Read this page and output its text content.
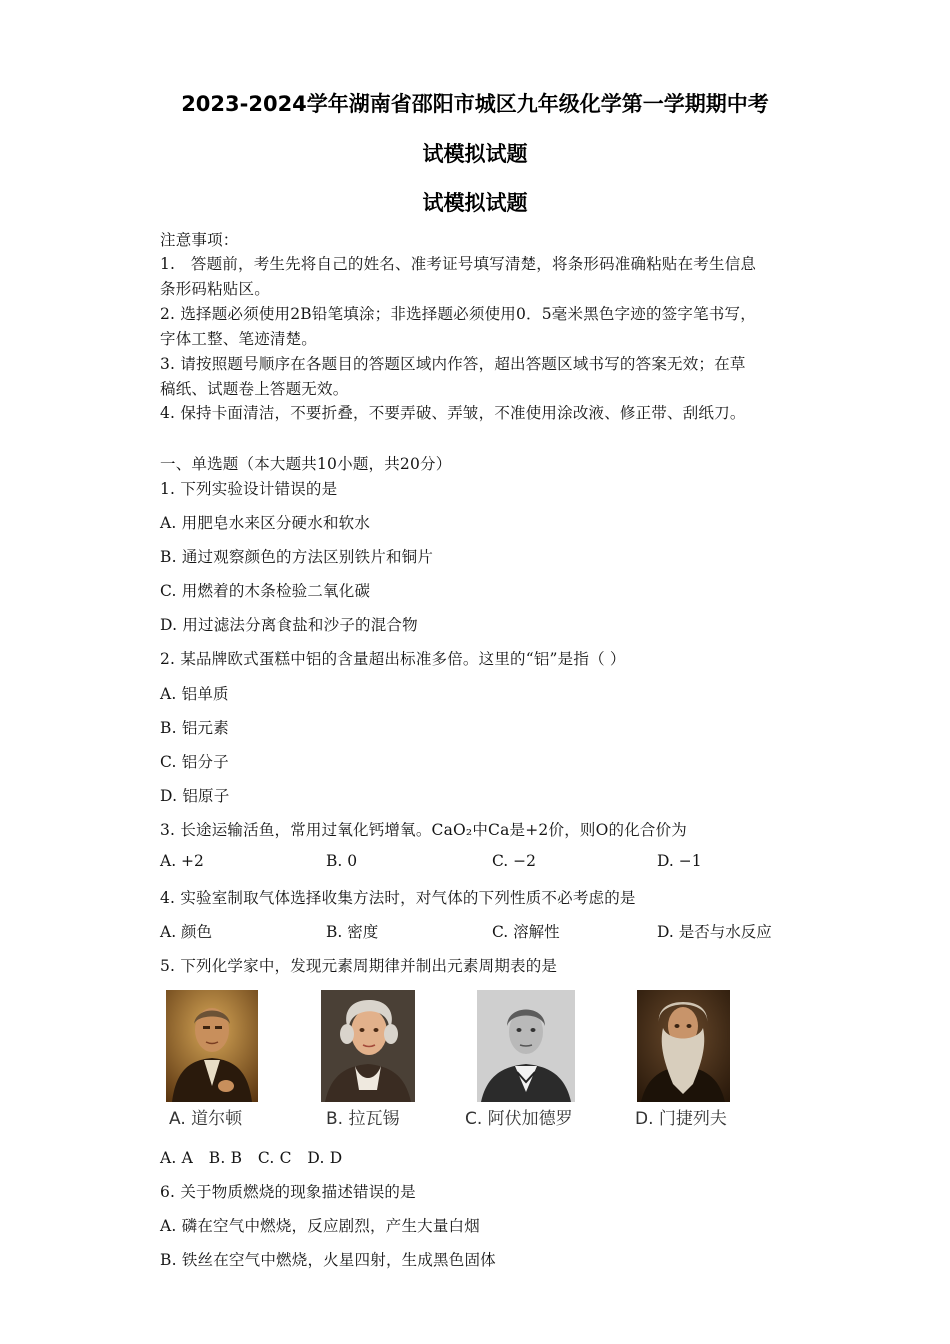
2023-2024学年湖南省邵阳市城区九年级化学第一学期期中考
试模拟试题
试模拟试题
注意事项：
1.　答题前，考生先将自己的姓名、准考证号填写清楚，将条形码准确粘贴在考生信息
条形码粘贴区。
2. 选择题必须使用2B铅笔填涂；非选择题必须使用0．5毫米黑色字迹的签字笔书写，
字体工整、笔迹清楚。
3. 请按照题号顺序在各题目的答题区域内作答，超出答题区域书写的答案无效；在草
稿纸、试题卷上答题无效。
4. 保持卡面清洁，不要折叠，不要弄破、弄皱，不准使用涂改液、修正带、刮纸刀。
一、单选题（本大题共10小题，共20分）
1. 下列实验设计错误的是
A. 用肥皂水来区分硬水和软水
B. 通过观察颜色的方法区别铁片和铜片
C. 用燃着的木条检验二氧化碳
D. 用过滤法分离食盐和沙子的混合物
2. 某品牌欧式蛋糕中铝的含量超出标准多倍。这里的“铝”是指（ ）
A. 铝单质
B. 铝元素
C. 铝分子
D. 铝原子
3. 长途运输活鱼，常用过氧化钙增氧。CaO₂中Ca是+2价，则O的化合价为
A. +2	B. 0	C. −2	D. −1
4. 实验室制取气体选择收集方法时，对气体的下列性质不必考虑的是
A. 颜色	B. 密度	C. 溶解性	D. 是否与水反应
5. 下列化学家中，发现元素周期律并制出元素周期表的是
A. 道尔顿	B. 拉瓦锡	C. 阿伏加德罗	D. 门捷列夫
A. A　B. B　C. C　D. D
6. 关于物质燃烧的现象描述错误的是
A. 磷在空气中燃烧，反应剧烈，产生大量白烟
B. 铁丝在空气中燃烧，火星四射，生成黑色固体
